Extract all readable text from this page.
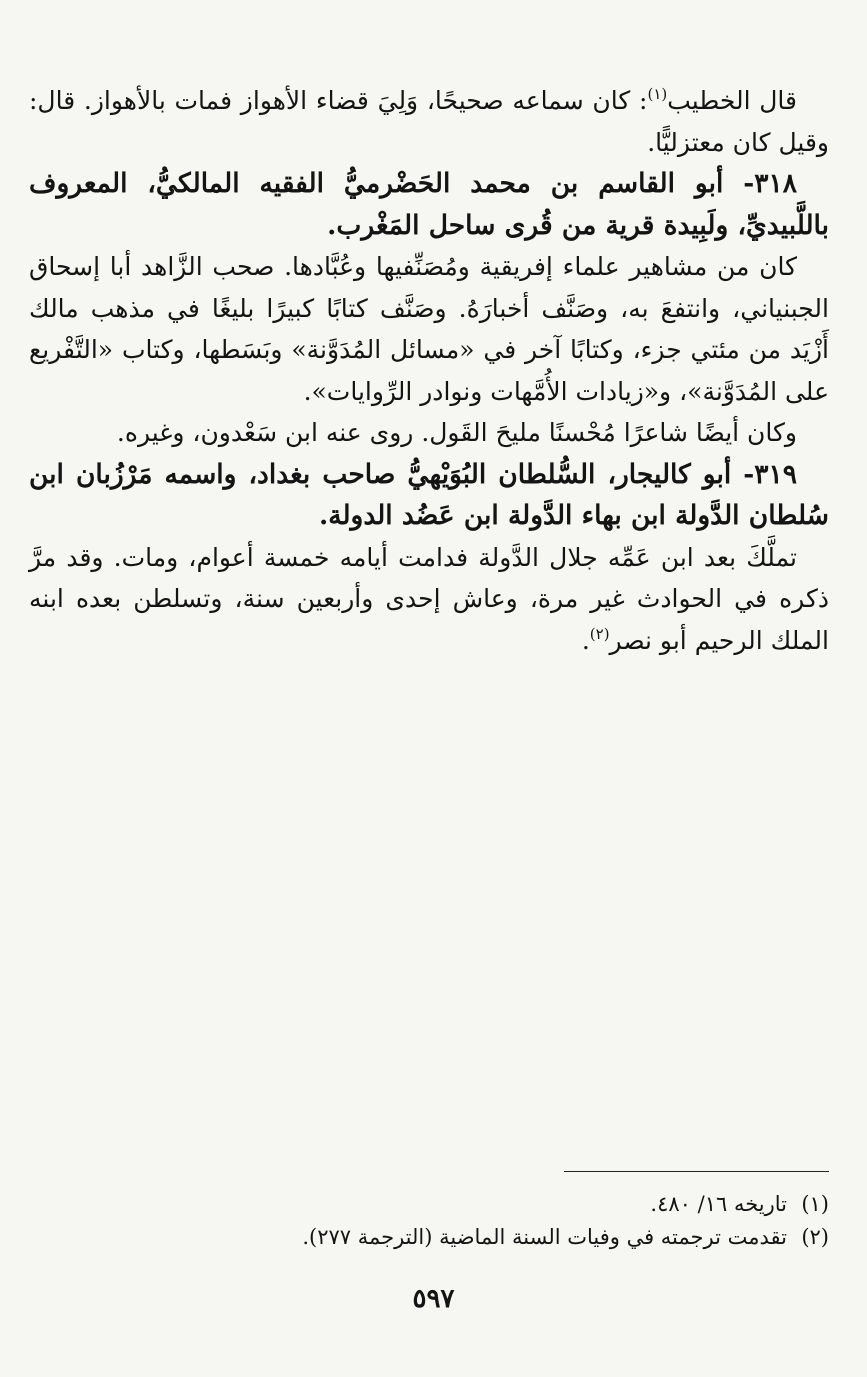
قال الخطيب$^{(١)}$: كان سماعه صحيحًا، وَلِيَ قضاء الأهواز فمات بالأهواز. قال: وقيل كان معتزليًّا.

٣١٨- أبو القاسم بن محمد الحَضْرميُّ الفقيه المالكيُّ، المعروف باللَّبيديِّ، ولَبِيدة قرية من قُرى ساحل المَغْرب.

كان من مشاهير علماء إفريقية ومُصَنِّفيها وعُبَّادها. صحب الزَّاهد أبا إسحاق الجبنياني، وانتفعَ به، وصَنَّف أخبارَهُ. وصَنَّف كتابًا كبيرًا بليغًا في مذهب مالك أَزْيَد من مئتي جزء، وكتابًا آخر في «مسائل المُدَوَّنة» وبَسَطها، وكتاب «التَّفْريع على المُدَوَّنة»، و«زيادات الأُمَّهات ونوادر الرِّوايات».

وكان أيضًا شاعرًا مُحْسنًا مليحَ القَول. روى عنه ابن سَعْدون، وغيره.

٣١٩- أبو كاليجار، السُّلطان البُوَيْهيُّ صاحب بغداد، واسمه مَرْزُبان ابن سُلطان الدَّولة ابن بهاء الدَّولة ابن عَضُد الدولة.

تملَّكَ بعد ابن عَمِّه جلال الدَّولة فدامت أيامه خمسة أعوام، ومات. وقد مرَّ ذكره في الحوادث غير مرة، وعاش إحدى وأربعين سنة، وتسلطن بعده ابنه الملك الرحيم أبو نصر$^{(٢)}$.

(١)
تاريخه ١٦/ ٤٨٠.
(٢)
تقدمت ترجمته في وفيات السنة الماضية (الترجمة ٢٧٧).
٥٩٧
